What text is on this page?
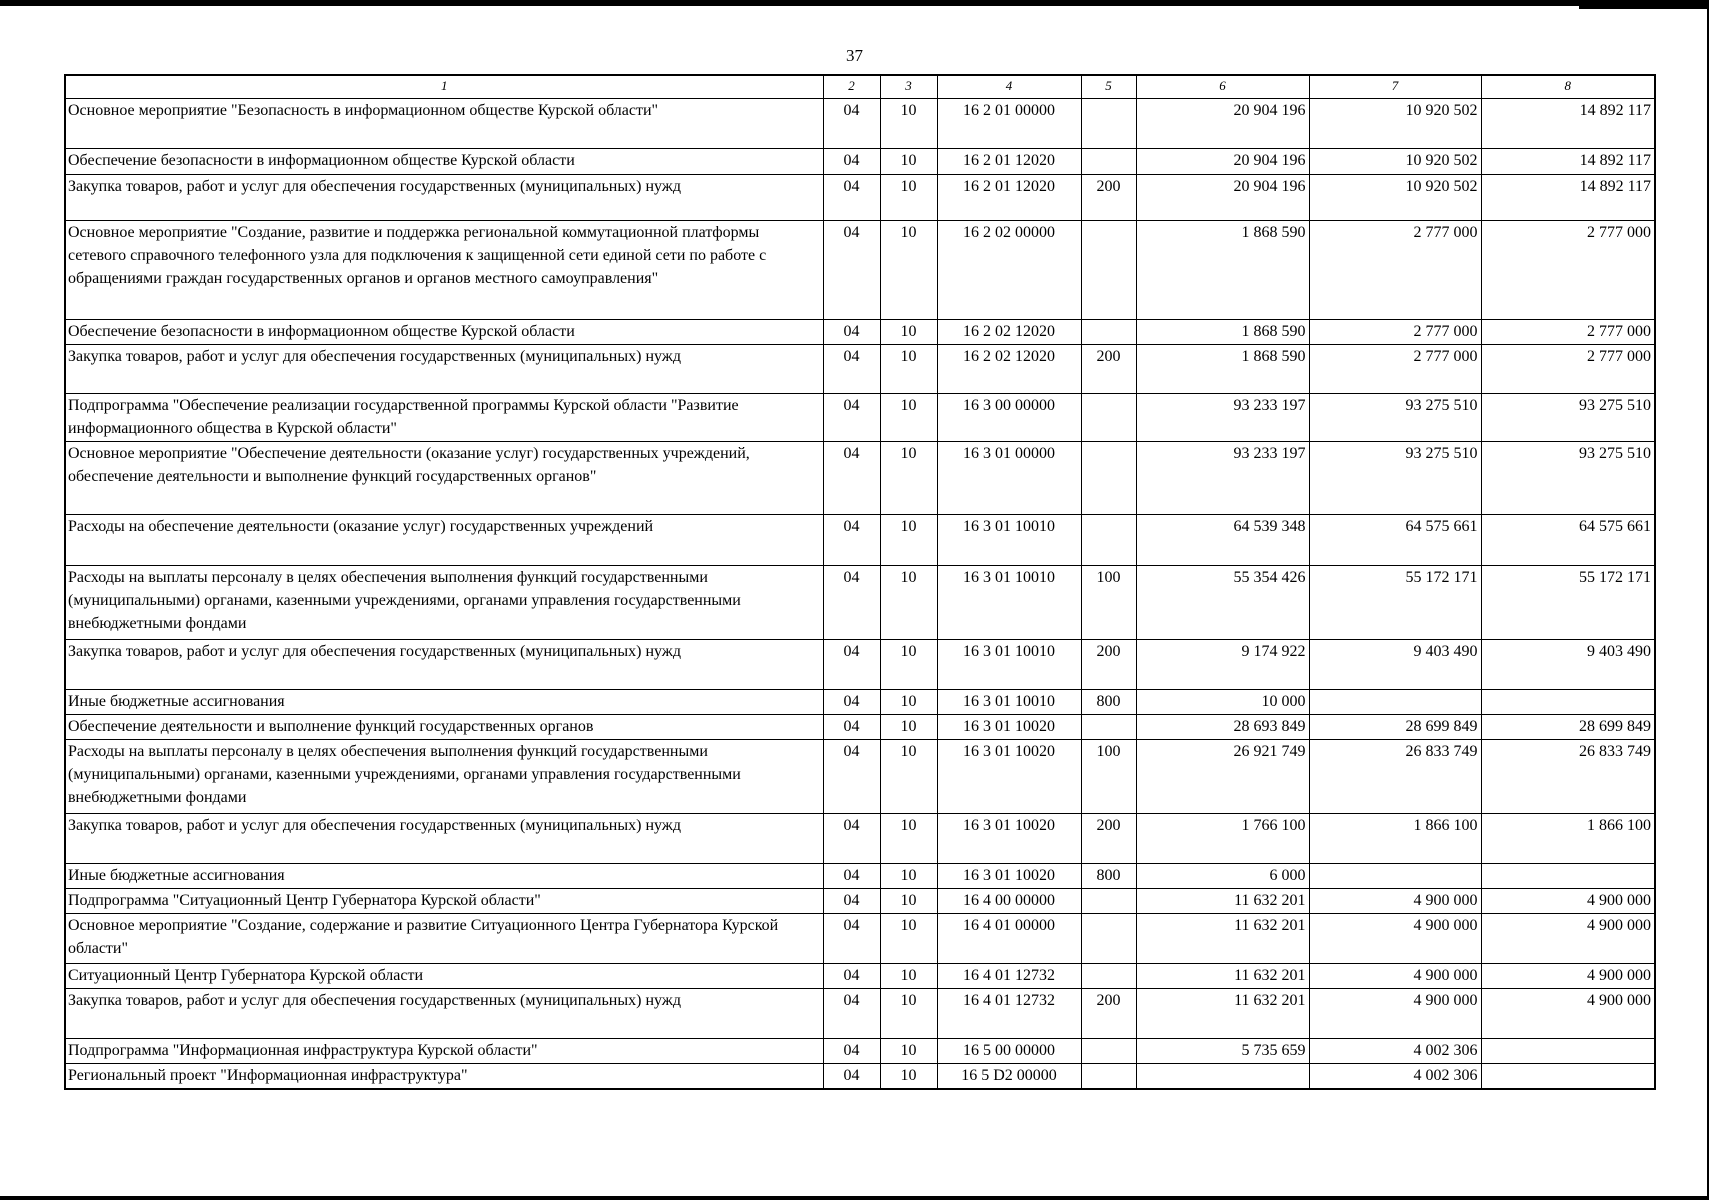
37
1	2	3	4	5	6	7	8
Основное мероприятие "Безопасность в информационном обществе Курской области"	04	10	16 2 01 00000		20 904 196	10 920 502	14 892 117
Обеспечение безопасности в информационном обществе Курской области	04	10	16 2 01 12020		20 904 196	10 920 502	14 892 117
Закупка товаров, работ и услуг для обеспечения государственных (муниципальных) нужд	04	10	16 2 01 12020	200	20 904 196	10 920 502	14 892 117
Основное мероприятие "Создание, развитие и поддержка региональной коммутационной платформы сетевого справочного телефонного узла для подключения к защищенной сети единой сети по работе с обращениями граждан государственных органов и органов местного самоуправления"	04	10	16 2 02 00000		1 868 590	2 777 000	2 777 000
Обеспечение безопасности в информационном обществе Курской области	04	10	16 2 02 12020		1 868 590	2 777 000	2 777 000
Закупка товаров, работ и услуг для обеспечения государственных (муниципальных) нужд	04	10	16 2 02 12020	200	1 868 590	2 777 000	2 777 000
Подпрограмма "Обеспечение реализации государственной программы Курской области "Развитие информационного общества в Курской области"	04	10	16 3 00 00000		93 233 197	93 275 510	93 275 510
Основное мероприятие "Обеспечение деятельности (оказание услуг) государственных учреждений, обеспечение деятельности и выполнение функций государственных органов"	04	10	16 3 01 00000		93 233 197	93 275 510	93 275 510
Расходы на обеспечение деятельности (оказание услуг) государственных учреждений	04	10	16 3 01 10010		64 539 348	64 575 661	64 575 661
Расходы на выплаты персоналу в целях обеспечения выполнения функций государственными (муниципальными) органами, казенными учреждениями, органами управления государственными внебюджетными фондами	04	10	16 3 01 10010	100	55 354 426	55 172 171	55 172 171
Закупка товаров, работ и услуг для обеспечения государственных (муниципальных) нужд	04	10	16 3 01 10010	200	9 174 922	9 403 490	9 403 490
Иные бюджетные ассигнования	04	10	16 3 01 10010	800	10 000		
Обеспечение деятельности и выполнение функций государственных органов	04	10	16 3 01 10020		28 693 849	28 699 849	28 699 849
Расходы на выплаты персоналу в целях обеспечения выполнения функций государственными (муниципальными) органами, казенными учреждениями, органами управления государственными внебюджетными фондами	04	10	16 3 01 10020	100	26 921 749	26 833 749	26 833 749
Закупка товаров, работ и услуг для обеспечения государственных (муниципальных) нужд	04	10	16 3 01 10020	200	1 766 100	1 866 100	1 866 100
Иные бюджетные ассигнования	04	10	16 3 01 10020	800	6 000		
Подпрограмма "Ситуационный Центр Губернатора Курской области"	04	10	16 4 00 00000		11 632 201	4 900 000	4 900 000
Основное мероприятие "Создание, содержание и развитие Ситуационного Центра Губернатора Курской области"	04	10	16 4 01 00000		11 632 201	4 900 000	4 900 000
Ситуационный Центр Губернатора Курской области	04	10	16 4 01 12732		11 632 201	4 900 000	4 900 000
Закупка товаров, работ и услуг для обеспечения государственных (муниципальных) нужд	04	10	16 4 01 12732	200	11 632 201	4 900 000	4 900 000
Подпрограмма "Информационная инфраструктура Курской области"	04	10	16 5 00 00000		5 735 659	4 002 306	
Региональный проект "Информационная инфраструктура"	04	10	16 5 D2 00000			4 002 306	
